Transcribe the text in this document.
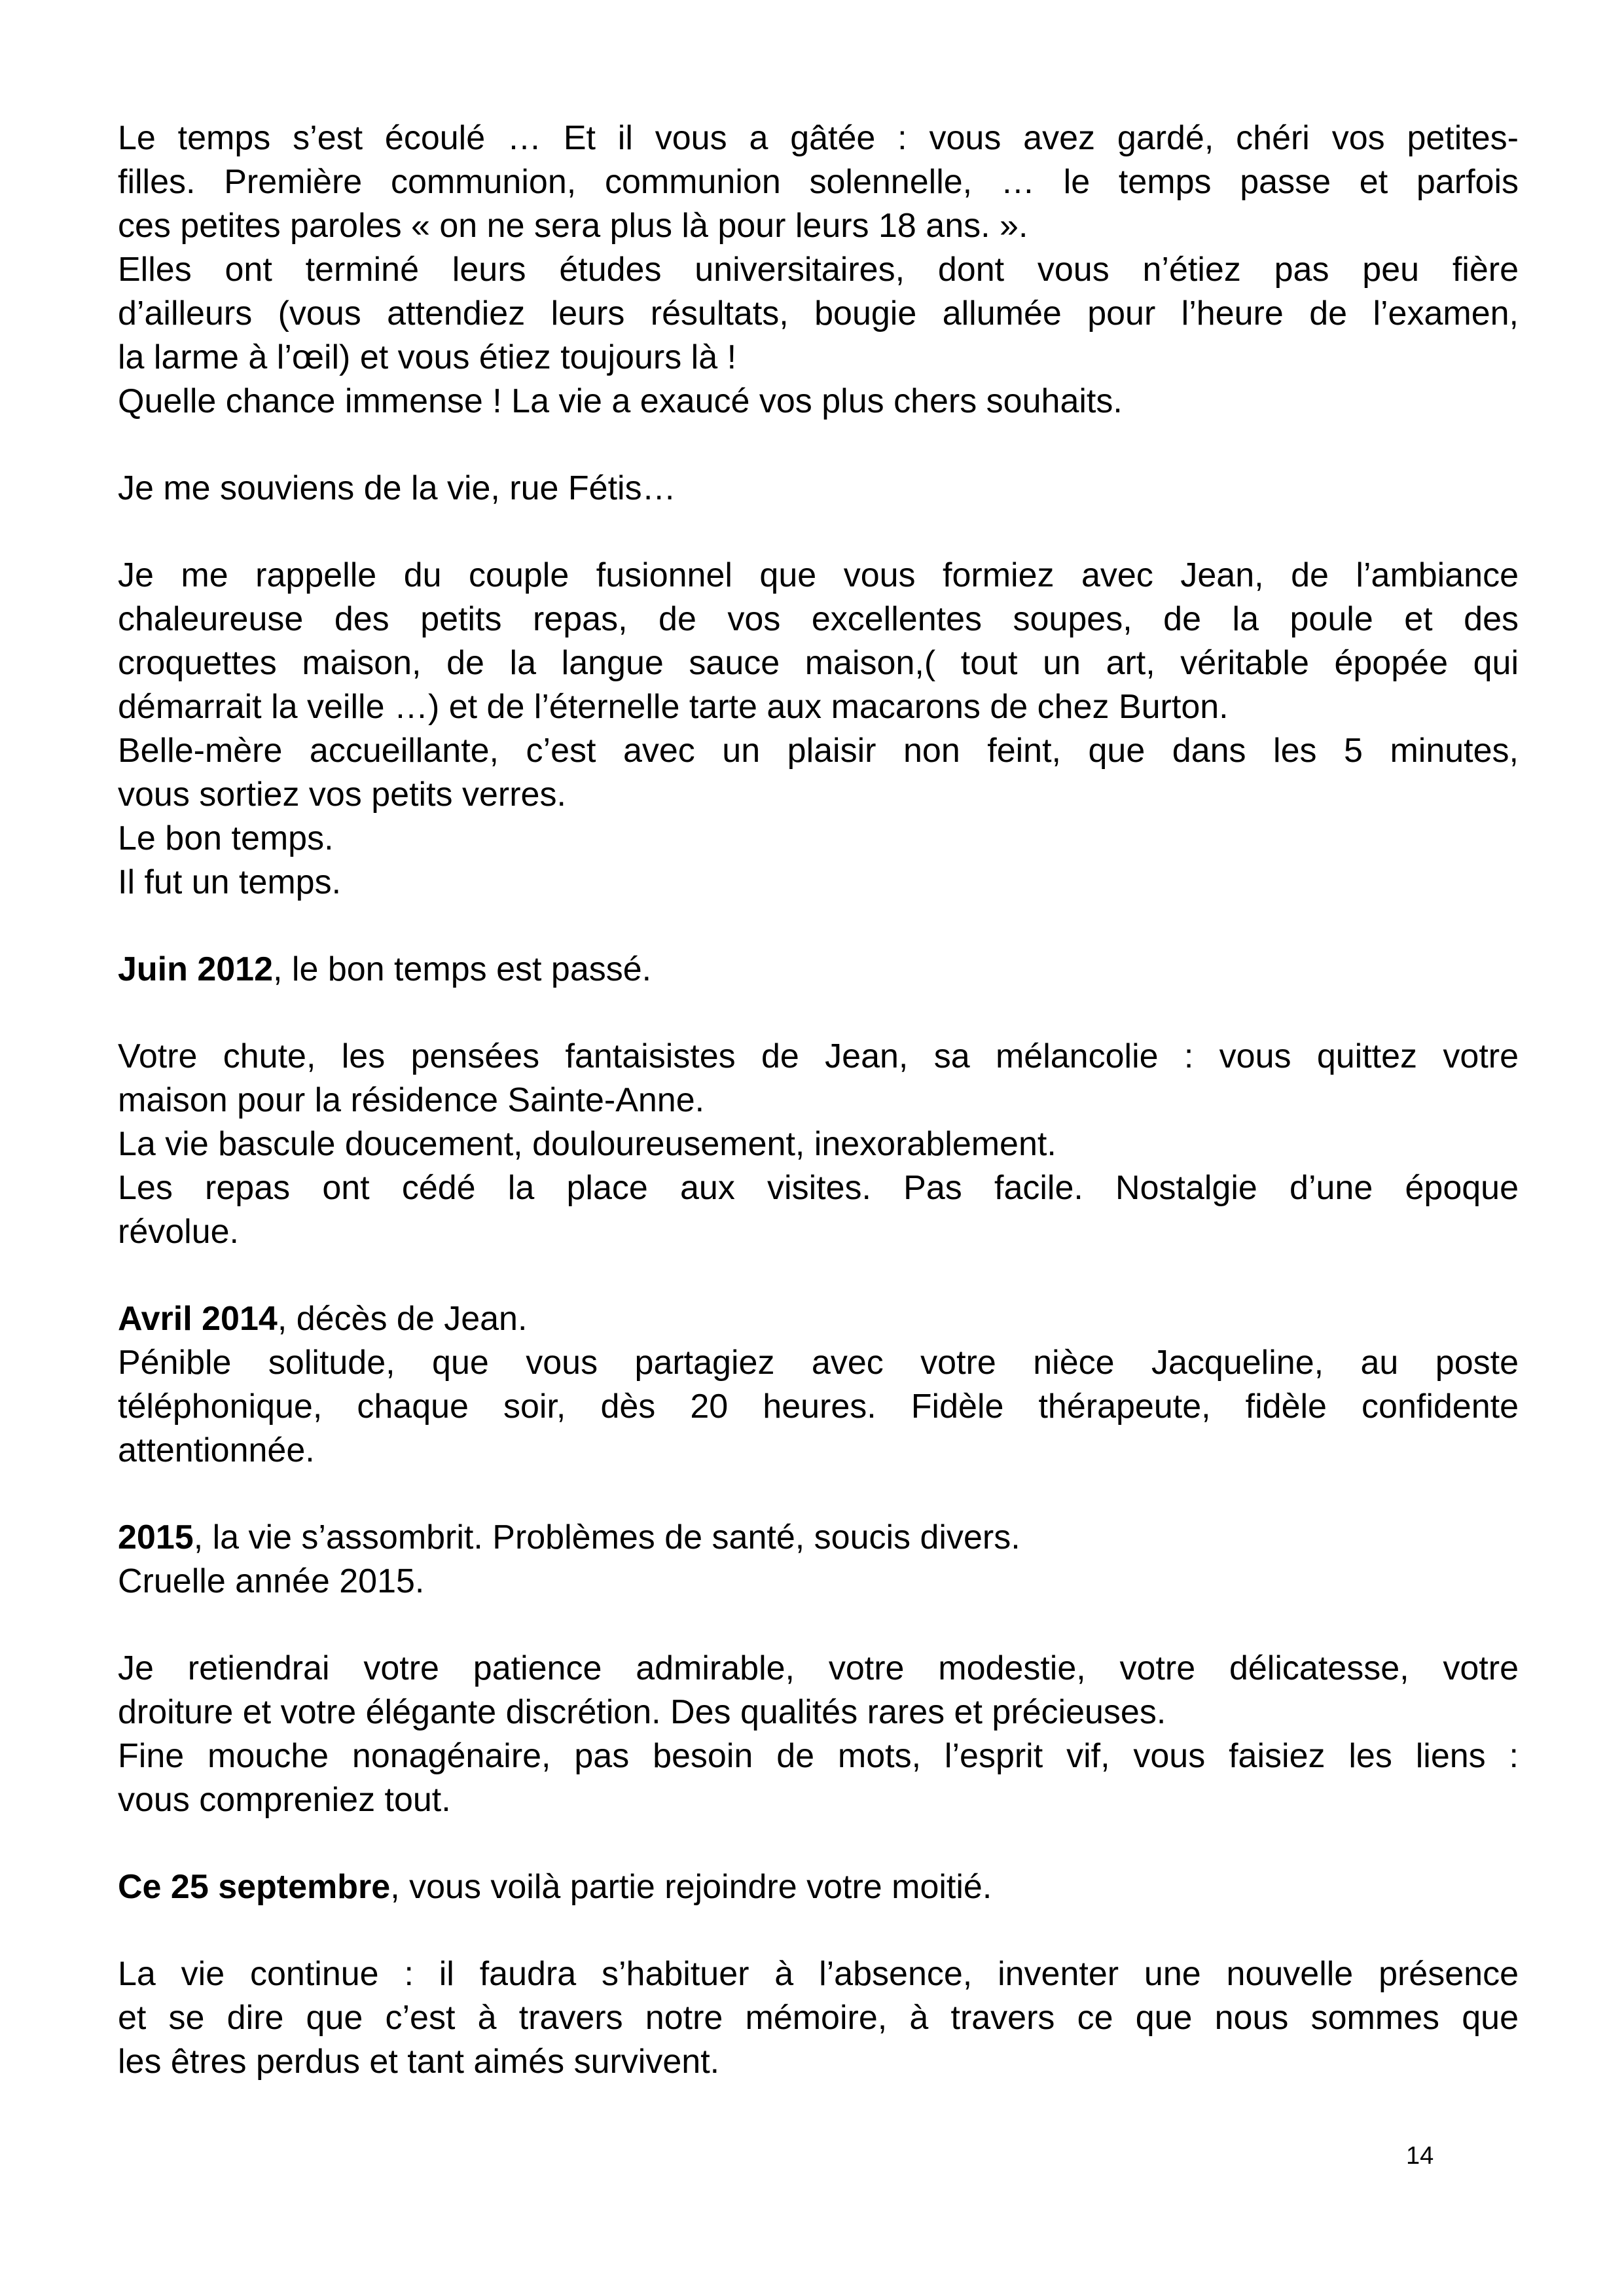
Le temps s’est écoulé … Et il vous a gâtée : vous avez gardé, chéri vos petites-
filles. Première communion, communion solennelle, … le temps passe et parfois
ces petites paroles « on ne sera plus là pour leurs 18 ans. ».
Elles ont terminé leurs études universitaires, dont vous n’étiez pas peu fière
d’ailleurs (vous attendiez leurs résultats, bougie allumée pour l’heure de l’examen,
la larme à l’œil) et vous étiez toujours là !
Quelle chance immense ! La vie a exaucé vos plus chers souhaits.
Je me souviens de la vie, rue Fétis…
Je me rappelle du couple fusionnel que vous formiez avec Jean, de l’ambiance
chaleureuse des petits repas, de vos excellentes soupes, de la poule et des
croquettes maison, de la langue sauce maison,( tout un art, véritable épopée qui
démarrait la veille …) et de l’éternelle tarte aux macarons de chez Burton.
Belle-mère accueillante, c’est avec un plaisir non feint, que dans les 5 minutes,
vous sortiez vos petits verres.
Le bon temps.
Il fut un temps.
Juin 2012, le bon temps est passé.
Votre chute, les pensées fantaisistes de Jean, sa mélancolie : vous quittez votre
maison pour la résidence Sainte-Anne.
La vie bascule doucement, douloureusement, inexorablement.
Les repas ont cédé la place aux visites. Pas facile. Nostalgie d’une époque
révolue.
Avril 2014, décès de Jean.
Pénible solitude, que vous partagiez avec votre nièce Jacqueline, au poste
téléphonique, chaque soir, dès 20 heures. Fidèle thérapeute, fidèle confidente
attentionnée.
2015, la vie s’assombrit. Problèmes de santé, soucis divers.
Cruelle année 2015.
Je retiendrai votre patience admirable, votre modestie, votre délicatesse, votre
droiture et votre élégante discrétion. Des qualités rares et précieuses.
Fine mouche nonagénaire, pas besoin de mots, l’esprit vif, vous faisiez les liens :
vous compreniez tout.
Ce 25 septembre, vous voilà partie rejoindre votre moitié.
La vie continue : il faudra s’habituer à l’absence, inventer une nouvelle présence
et se dire que c’est à travers notre mémoire, à travers ce que nous sommes que
les êtres perdus et tant aimés survivent.
14
